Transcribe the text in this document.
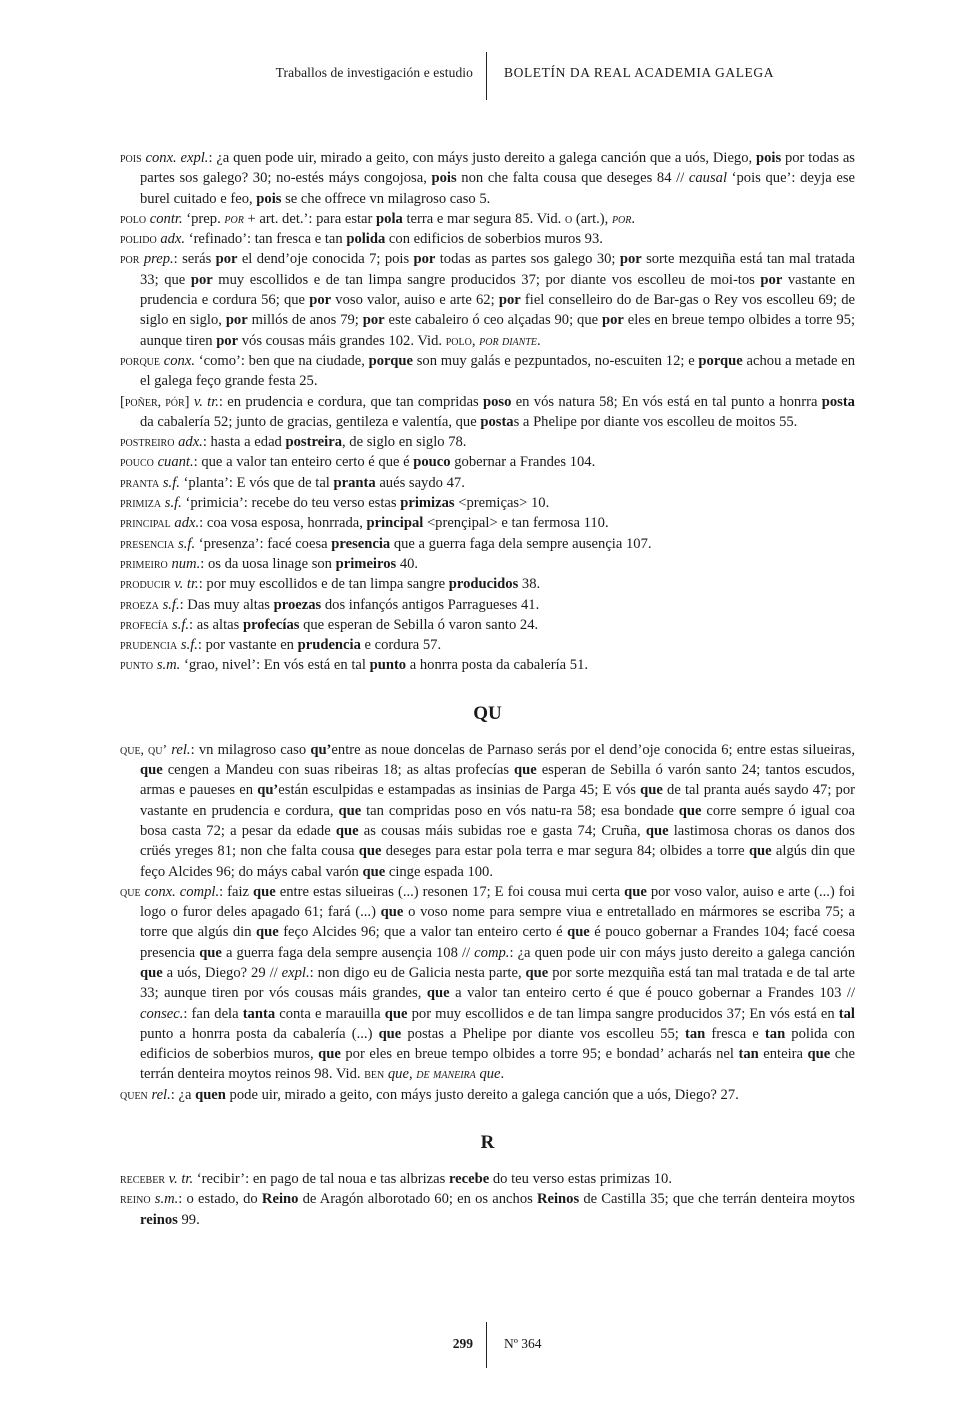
Traballos de investigación e estudio BOLETÍN DA REAL ACADEMIA GALEGA

pois conx. expl.: ¿a quen pode uir, mirado a geito, con máys justo dereito a galega canción que a uós, Diego, pois por todas as partes sos galego? 30; no-estés máys congojosa, pois non che falta cousa que deseges 84 // causal ‘pois que’: deyja ese burel cuitado e feo, pois se che offrece vn milagroso caso 5.

polo contr. ‘prep. por + art. det.’: para estar pola terra e mar segura 85. Vid. o (art.), por.

polido adx. ‘refinado’: tan fresca e tan polida con edificios de soberbios muros 93.

por prep.: serás por el dend’oje conocida 7; pois por todas as partes sos galego 30; por sorte mezquiña está tan mal tratada 33; que por muy escollidos e de tan limpa sangre producidos 37; por diante vos escolleu de moi-tos por vastante en prudencia e cordura 56; que por voso valor, auiso e arte 62; por fiel conselleiro do de Bar-gas o Rey vos escolleu 69; de siglo en siglo, por millós de anos 79; por este cabaleiro ó ceo alçadas 90; que por eles en breue tempo olbides a torre 95; aunque tiren por vós cousas máis grandes 102. Vid. polo, por diante.

porque conx. ‘como’: ben que na ciudade, porque son muy galás e pezpuntados, no-escuiten 12; e porque achou a metade en el galega feço grande festa 25.

[poñer, pór] v. tr.: en prudencia e cordura, que tan compridas poso en vós natura 58; En vós está en tal punto a honrra posta da cabalería 52; junto de gracias, gentileza e valentía, que postas a Phelipe por diante vos escolleu de moitos 55.

postreiro adx.: hasta a edad postreira, de siglo en siglo 78.

pouco cuant.: que a valor tan enteiro certo é que é pouco gobernar a Frandes 104.

pranta s.f. ‘planta’: E vós que de tal pranta aués saydo 47.

primiza s.f. ‘primicia’: recebe do teu verso estas primizas <premiças> 10.

principal adx.: coa vosa esposa, honrrada, principal <prençipal> e tan fermosa 110.

presencia s.f. ‘presenza’: facé coesa presencia que a guerra faga dela sempre ausençia 107.

primeiro num.: os da uosa linage son primeiros 40.

producir v. tr.: por muy escollidos e de tan limpa sangre producidos 38.

proeza s.f.: Das muy altas proezas dos infançós antigos Parragueses 41.

profecía s.f.: as altas profecías que esperan de Sebilla ó varon santo 24.

prudencia s.f.: por vastante en prudencia e cordura 57.

punto s.m. ‘grao, nivel’: En vós está en tal punto a honrra posta da cabalería 51.

QU

que, qu’ rel.: vn milagroso caso qu’entre as noue doncelas de Parnaso serás por el dend’oje conocida 6; entre estas silueiras, que cengen a Mandeu con suas ribeiras 18; as altas profecías que esperan de Sebilla ó varón santo 24; tantos escudos, armas e paueses en qu’están esculpidas e estampadas as insinias de Parga 45; E vós que de tal pranta aués saydo 47; por vastante en prudencia e cordura, que tan compridas poso en vós natu-ra 58; esa bondade que corre sempre ó igual coa bosa casta 72; a pesar da edade que as cousas máis subidas roe e gasta 74; Cruña, que lastimosa choras os danos dos crüés yreges 81; non che falta cousa que deseges para estar pola terra e mar segura 84; olbides a torre que algús din que feço Alcides 96; do máys cabal varón que cinge espada 100.

que conx. compl.: faiz que entre estas silueiras (...) resonen 17; E foi cousa mui certa que por voso valor, auiso e arte (...) foi logo o furor deles apagado 61; fará (...) que o voso nome para sempre viua e entretallado en mármores se escriba 75; a torre que algús din que feço Alcides 96; que a valor tan enteiro certo é que é pouco gobernar a Frandes 104; facé coesa presencia que a guerra faga dela sempre ausençia 108 // comp.: ¿a quen pode uir con máys justo dereito a galega canción que a uós, Diego? 29 // expl.: non digo eu de Galicia nesta parte, que por sorte mezquiña está tan mal tratada e de tal arte 33; aunque tiren por vós cousas máis grandes, que a valor tan enteiro certo é que é pouco gobernar a Frandes 103 // consec.: fan dela tanta conta e marauilla que por muy escollidos e de tan limpa sangre producidos 37; En vós está en tal punto a honrra posta da cabalería (...) que postas a Phelipe por diante vos escolleu 55; tan fresca e tan polida con edificios de soberbios muros, que por eles en breue tempo olbides a torre 95; e bondad’ acharás nel tan enteira que che terrán denteira moytos reinos 98. Vid. ben que, de maneira que.

quen rel.: ¿a quen pode uir, mirado a geito, con máys justo dereito a galega canción que a uós, Diego? 27.

R

receber v. tr. ‘recibir’: en pago de tal noua e tas albrizas recebe do teu verso estas primizas 10.

reino s.m.: o estado, do Reino de Aragón alborotado 60; en os anchos Reinos de Castilla 35; que che terrán denteira moytos reinos 99.

299 Nº 364
